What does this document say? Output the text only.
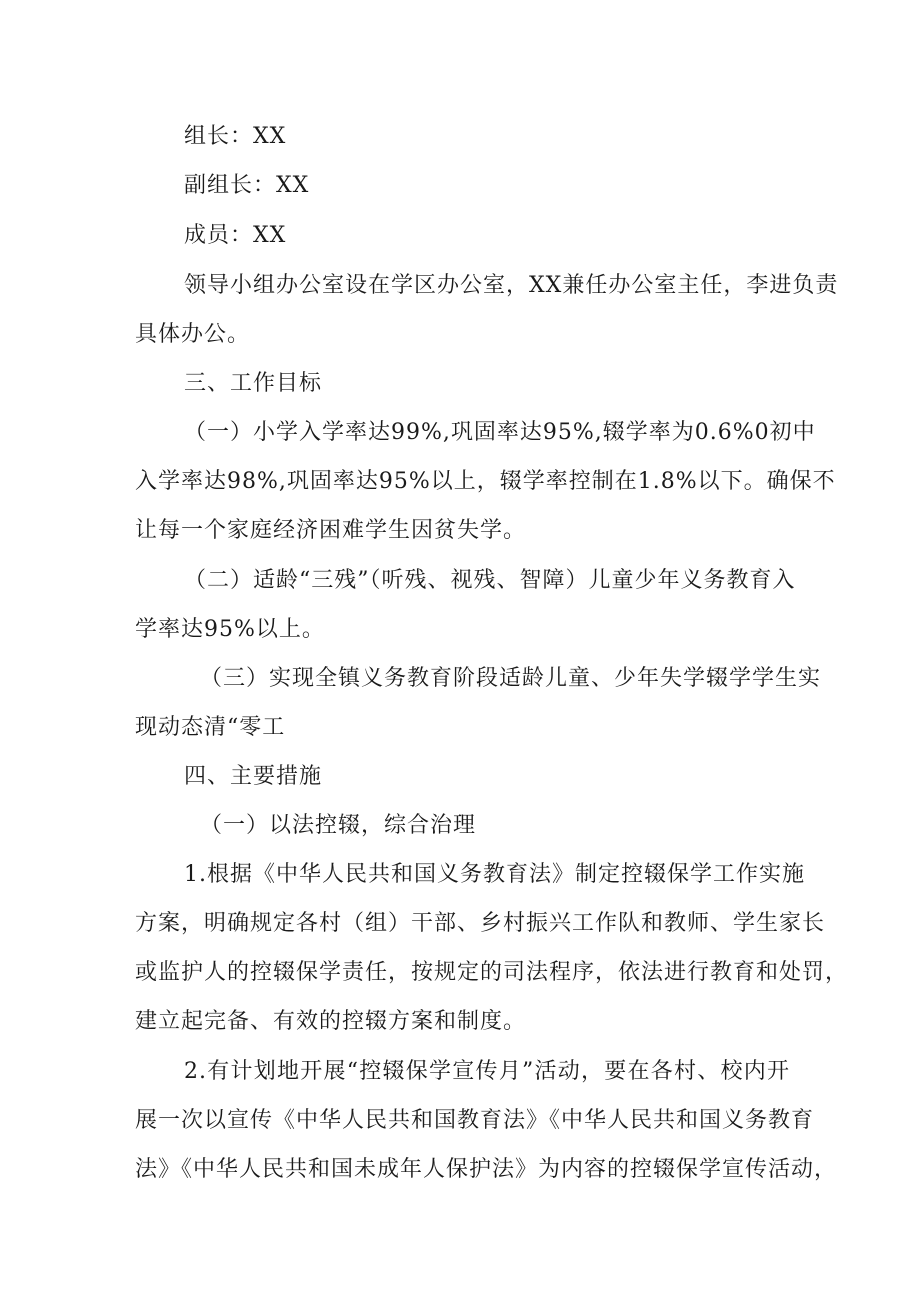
组长：XX
副组长：XX
成员：XX
领导小组办公室设在学区办公室，XX兼任办公室主任，李进负责
具体办公。
三、工作目标
（一）小学入学率达99%,巩固率达95%,辍学率为0.6%0初中
入学率达98%,巩固率达95%以上，辍学率控制在1.8%以下。确保不
让每一个家庭经济困难学生因贫失学。
（二）适龄“三残”（听残、视残、智障）儿童少年义务教育入
学率达95%以上。
（三）实现全镇义务教育阶段适龄儿童、少年失学辍学学生实
现动态清“零工
四、主要措施
（一）以法控辍，综合治理
1.根据《中华人民共和国义务教育法》制定控辍保学工作实施
方案，明确规定各村（组）干部、乡村振兴工作队和教师、学生家长
或监护人的控辍保学责任，按规定的司法程序，依法进行教育和处罚，
建立起完备、有效的控辍方案和制度。
2.有计划地开展“控辍保学宣传月”活动，要在各村、校内开
展一次以宣传《中华人民共和国教育法》《中华人民共和国义务教育
法》《中华人民共和国未成年人保护法》为内容的控辍保学宣传活动，
